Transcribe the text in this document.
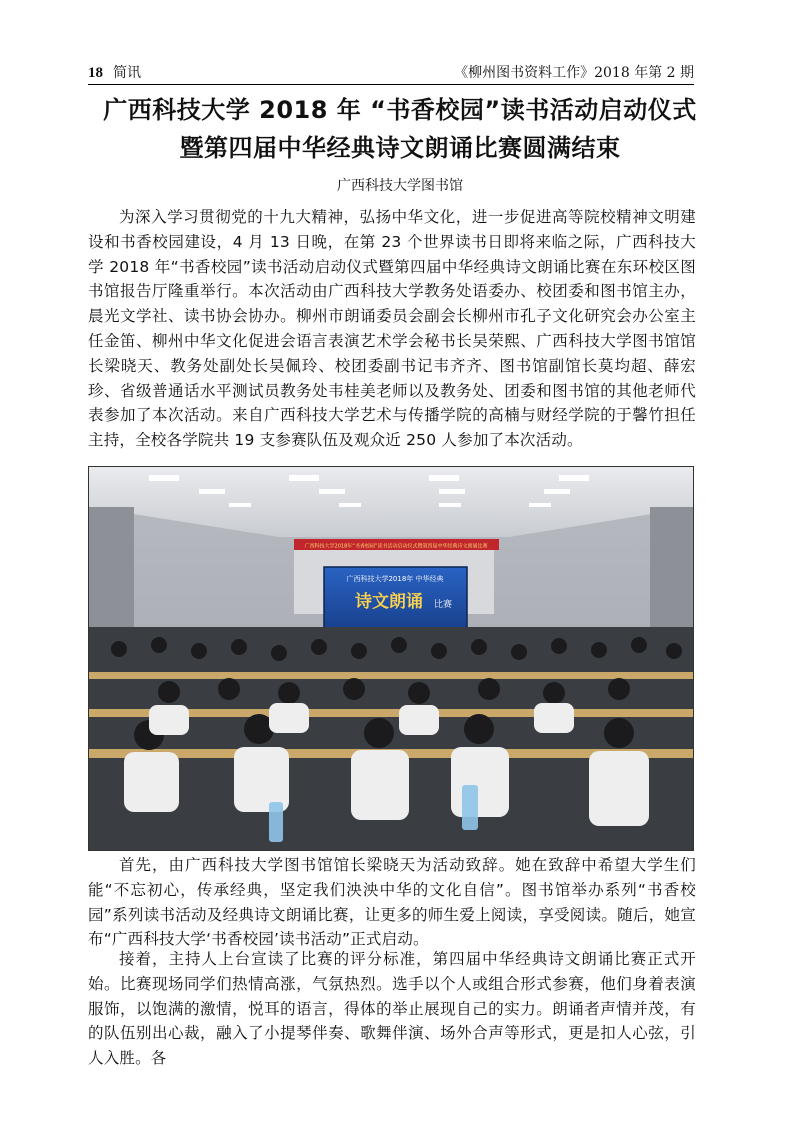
18 简讯	《柳州图书资料工作》2018 年第 2 期
广西科技大学 2018 年 “书香校园”读书活动启动仪式
暨第四届中华经典诗文朗诵比赛圆满结束
广西科技大学图书馆

为深入学习贯彻党的十九大精神，弘扬中华文化，进一步促进高等院校精神文明建设和书香校园建设，4 月 13 日晚，在第 23 个世界读书日即将来临之际，广西科技大学 2018 年“书香校园”读书活动启动仪式暨第四届中华经典诗文朗诵比赛在东环校区图书馆报告厅隆重举行。本次活动由广西科技大学教务处语委办、校团委和图书馆主办，晨光文学社、读书协会协办。柳州市朗诵委员会副会长柳州市孔子文化研究会办公室主任金笛、柳州中华文化促进会语言表演艺术学会秘书长吴荣熙、广西科技大学图书馆馆长梁晓天、教务处副处长吴佩玲、校团委副书记韦齐齐、图书馆副馆长莫均超、薛宏珍、省级普通话水平测试员教务处韦桂美老师以及教务处、团委和图书馆的其他老师代表参加了本次活动。来自广西科技大学艺术与传播学院的高楠与财经学院的于馨竹担任主持，全校各学院共 19 支参赛队伍及观众近 250 人参加了本次活动。

广西科技大学2018年“书香校园”读书活动启动仪式暨第四届中华经典诗文朗诵比赛
广西科技大学2018年 中华经典
诗文朗诵 比赛

首先，由广西科技大学图书馆馆长梁晓天为活动致辞。她在致辞中希望大学生们能“不忘初心，传承经典，坚定我们泱泱中华的文化自信”。图书馆举办系列“书香校园”系列读书活动及经典诗文朗诵比赛，让更多的师生爱上阅读，享受阅读。随后，她宣布“广西科技大学‘书香校园’读书活动”正式启动。

接着，主持人上台宣读了比赛的评分标准，第四届中华经典诗文朗诵比赛正式开始。比赛现场同学们热情高涨，气氛热烈。选手以个人或组合形式参赛，他们身着表演服饰，以饱满的激情，悦耳的语言，得体的举止展现自己的实力。朗诵者声情并茂，有的队伍别出心裁，融入了小提琴伴奏、歌舞伴演、场外合声等形式，更是扣人心弦，引人入胜。各
